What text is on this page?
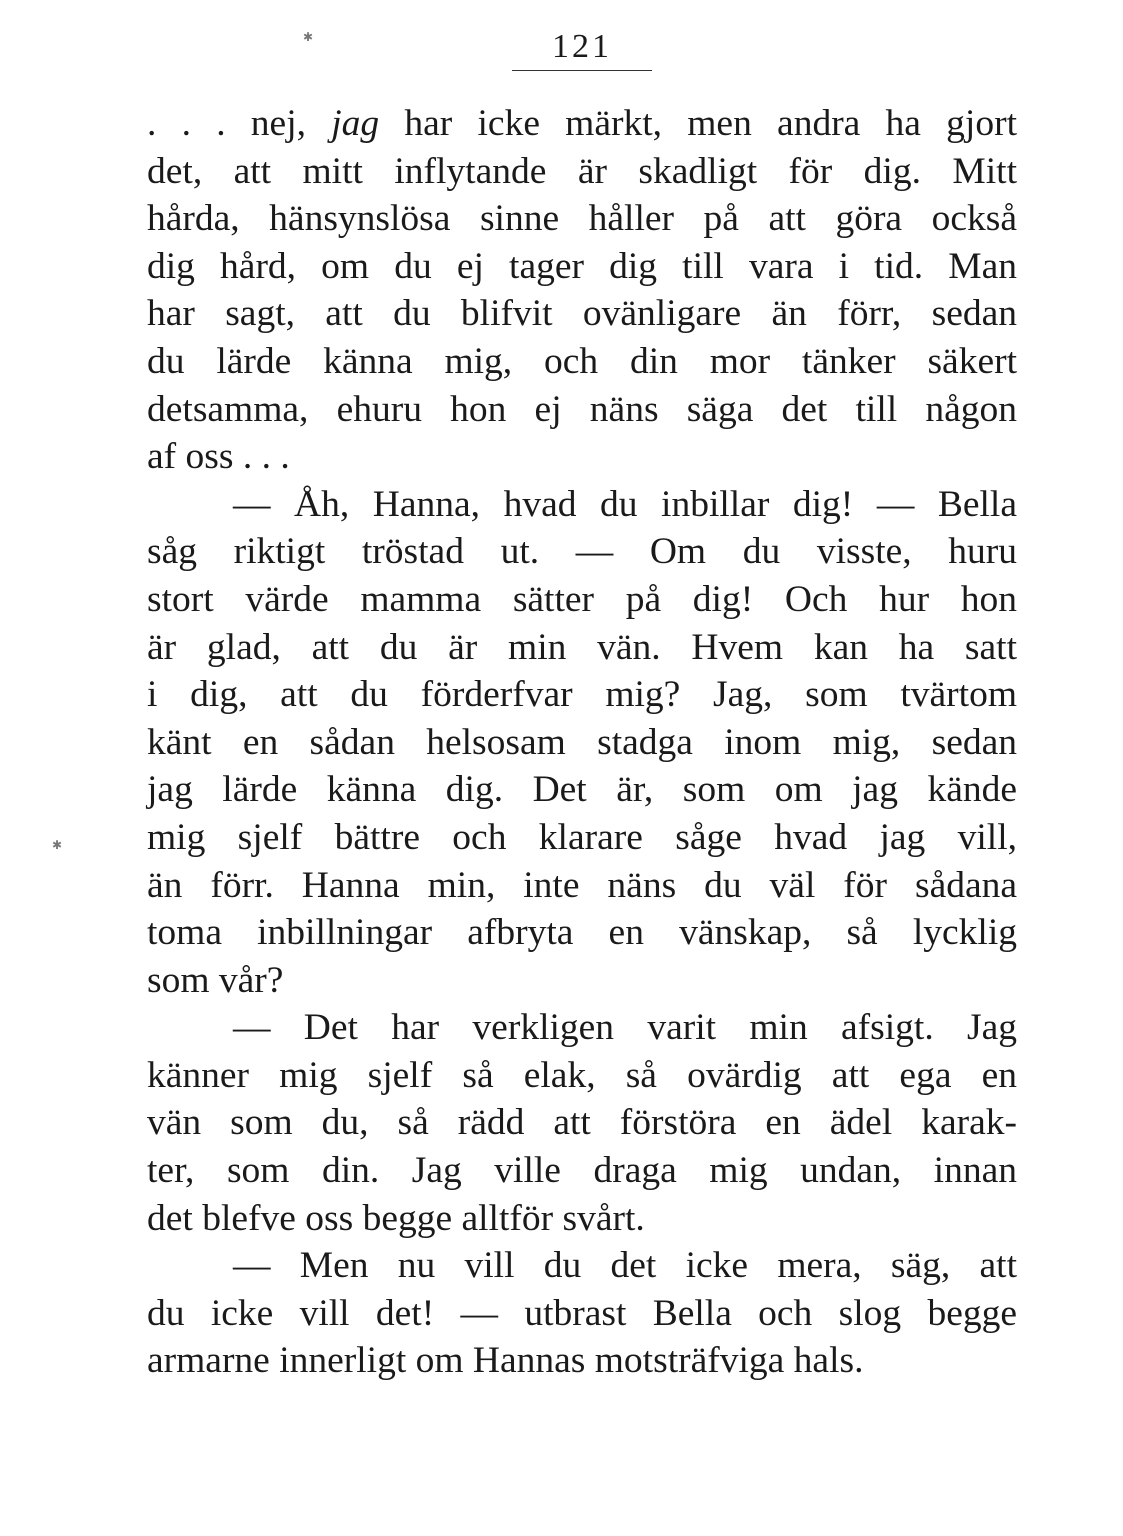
121
✱
✱
. . . nej, jag har icke märkt, men andra ha gjort
det, att mitt inflytande är skadligt för dig. Mitt
hårda, hänsynslösa sinne håller på att göra också
dig hård, om du ej tager dig till vara i tid. Man
har sagt, att du blifvit ovänligare än förr, sedan
du lärde känna mig, och din mor tänker säkert
detsamma, ehuru hon ej näns säga det till någon
af oss . . .
— Åh, Hanna, hvad du inbillar dig! — Bella
såg riktigt tröstad ut. — Om du visste, huru
stort värde mamma sätter på dig! Och hur hon
är glad, att du är min vän. Hvem kan ha satt
i dig, att du förderfvar mig? Jag, som tvärtom
känt en sådan helsosam stadga inom mig, sedan
jag lärde känna dig. Det är, som om jag kände
mig sjelf bättre och klarare såge hvad jag vill,
än förr. Hanna min, inte näns du väl för sådana
toma inbillningar afbryta en vänskap, så lycklig
som vår?
— Det har verkligen varit min afsigt. Jag
känner mig sjelf så elak, så ovärdig att ega en
vän som du, så rädd att förstöra en ädel karak-
ter, som din. Jag ville draga mig undan, innan
det blefve oss begge alltför svårt.
— Men nu vill du det icke mera, säg, att
du icke vill det! — utbrast Bella och slog begge
armarne innerligt om Hannas motsträfviga hals.
